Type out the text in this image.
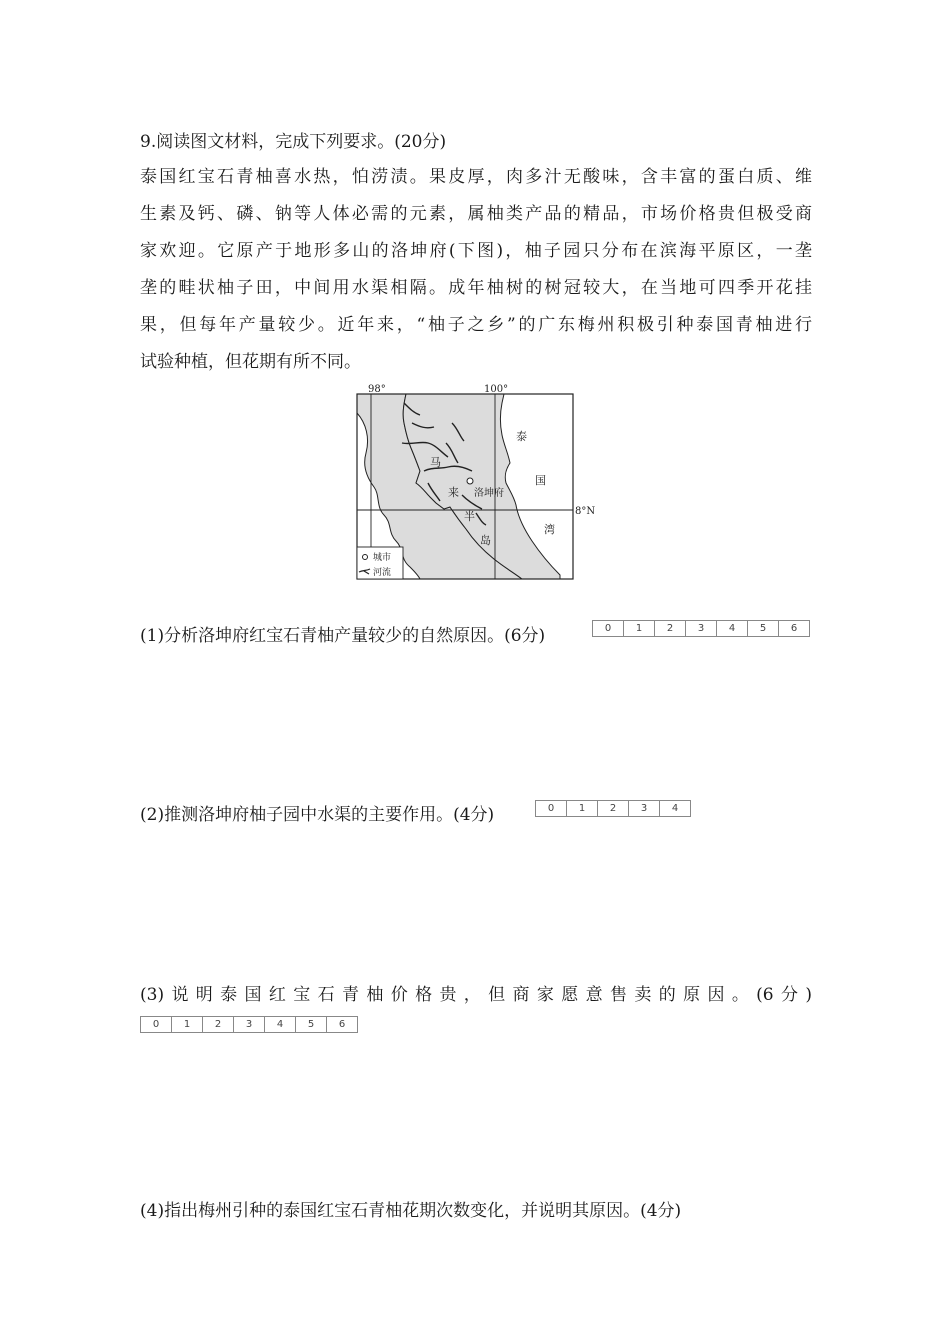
9.阅读图文材料，完成下列要求。(20分)
泰国红宝石青柚喜水热，怕涝渍。果皮厚，肉多汁无酸味，含丰富的蛋白质、维
生素及钙、磷、钠等人体必需的元素，属柚类产品的精品，市场价格贵但极受商
家欢迎。它原产于地形多山的洛坤府(下图)，柚子园只分布在滨海平原区，一垄
垄的畦状柚子田，中间用水渠相隔。成年柚树的树冠较大，在当地可四季开花挂
果，但每年产量较少。近年来，“柚子之乡”的广东梅州积极引种泰国青柚进行
试验种植，但花期有所不同。
98°	100°
8°N
泰
国
湾
马
来
半
岛
洛坤府
城市
河流
(1)分析洛坤府红宝石青柚产量较少的自然原因。(6分)	0	1	2	3	4	5	6
(2)推测洛坤府柚子园中水渠的主要作用。(4分)	0	1	2	3	4
(3)说明泰国红宝石青柚价格贵，但商家愿意售卖的原因。(6分)
0	1	2	3	4	5	6
(4)指出梅州引种的泰国红宝石青柚花期次数变化，并说明其原因。(4分)
